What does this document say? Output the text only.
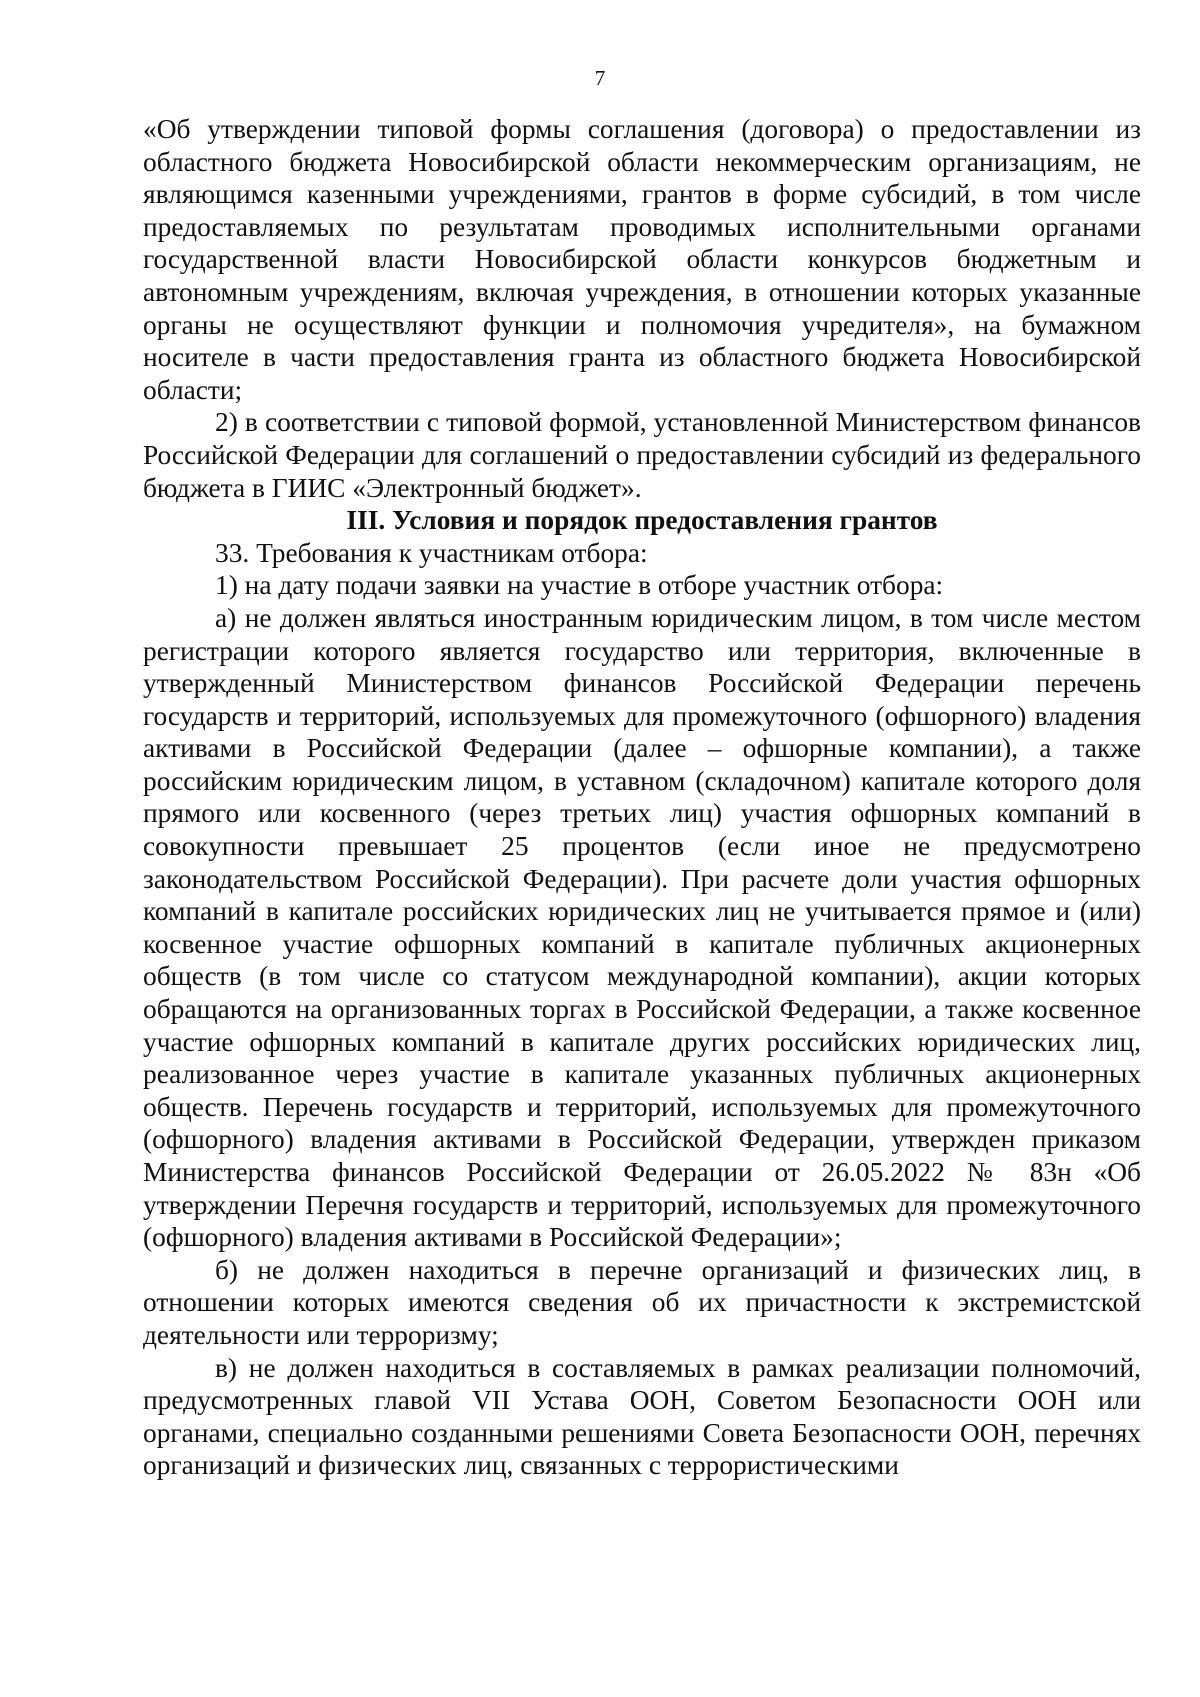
7

«Об утверждении типовой формы соглашения (договора) о предоставлении из областного бюджета Новосибирской области некоммерческим организациям, не являющимся казенными учреждениями, грантов в форме субсидий, в том числе предоставляемых по результатам проводимых исполнительными органами государственной власти Новосибирской области конкурсов бюджетным и автономным учреждениям, включая учреждения, в отношении которых указанные органы не осуществляют функции и полномочия учредителя», на бумажном носителе в части предоставления гранта из областного бюджета Новосибирской области;

2) в соответствии с типовой формой, установленной Министерством финансов Российской Федерации для соглашений о предоставлении субсидий из федерального бюджета в ГИИС «Электронный бюджет».

III. Условия и порядок предоставления грантов

33. Требования к участникам отбора:

1) на дату подачи заявки на участие в отборе участник отбора:

а) не должен являться иностранным юридическим лицом, в том числе местом регистрации которого является государство или территория, включенные в утвержденный Министерством финансов Российской Федерации перечень государств и территорий, используемых для промежуточного (офшорного) владения активами в Российской Федерации (далее – офшорные компании), а также российским юридическим лицом, в уставном (складочном) капитале которого доля прямого или косвенного (через третьих лиц) участия офшорных компаний в совокупности превышает 25 процентов (если иное не предусмотрено законодательством Российской Федерации). При расчете доли участия офшорных компаний в капитале российских юридических лиц не учитывается прямое и (или) косвенное участие офшорных компаний в капитале публичных акционерных обществ (в том числе со статусом международной компании), акции которых обращаются на организованных торгах в Российской Федерации, а также косвенное участие офшорных компаний в капитале других российских юридических лиц, реализованное через участие в капитале указанных публичных акционерных обществ. Перечень государств и территорий, используемых для промежуточного (офшорного) владения активами в Российской Федерации, утвержден приказом Министерства финансов Российской Федерации от 26.05.2022 № 83н «Об утверждении Перечня государств и территорий, используемых для промежуточного (офшорного) владения активами в Российской Федерации»;

б) не должен находиться в перечне организаций и физических лиц, в отношении которых имеются сведения об их причастности к экстремистской деятельности или терроризму;

в) не должен находиться в составляемых в рамках реализации полномочий, предусмотренных главой VII Устава ООН, Советом Безопасности ООН или органами, специально созданными решениями Совета Безопасности ООН, перечнях организаций и физических лиц, связанных с террористическими
